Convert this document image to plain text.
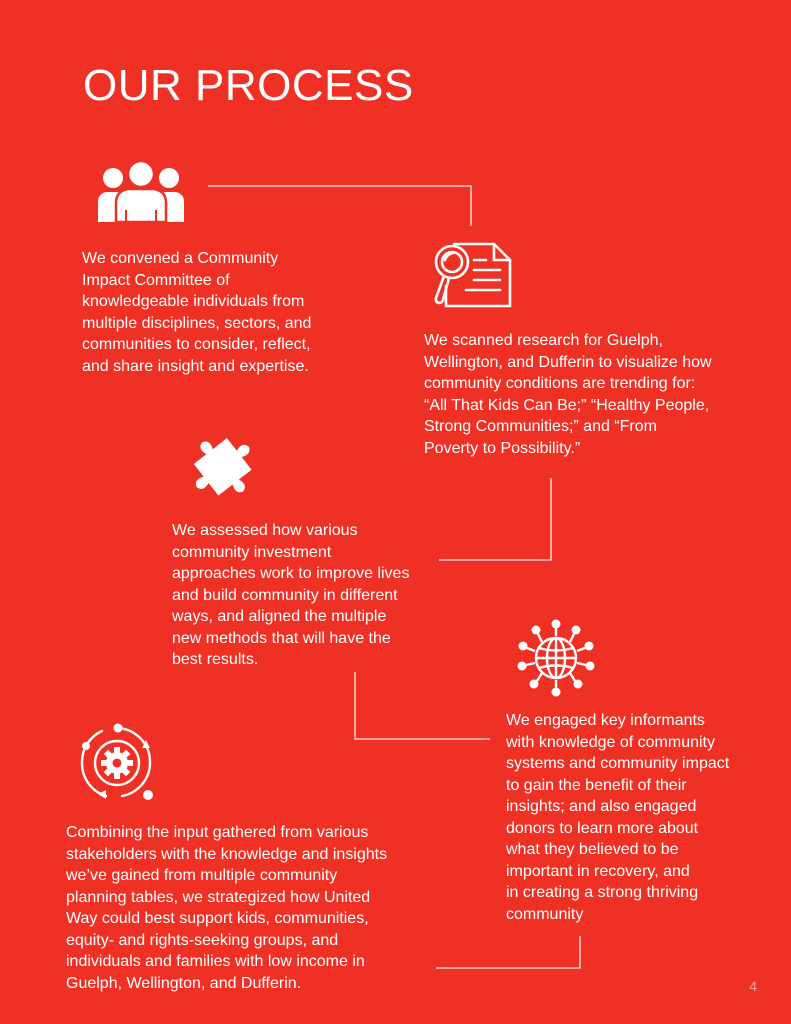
OUR PROCESS

We convened a Community
Impact Committee of
knowledgeable individuals from
multiple disciplines, sectors, and
communities to consider, reflect,
and share insight and expertise.

We scanned research for Guelph,
Wellington, and Dufferin to visualize how
community conditions are trending for:
“All That Kids Can Be;” “Healthy People,
Strong Communities;” and “From
Poverty to Possibility.”

We assessed how various
community investment
approaches work to improve lives
and build community in different
ways, and aligned the multiple
new methods that will have the
best results.

We engaged key informants
with knowledge of community
systems and community impact
to gain the benefit of their
insights; and also engaged
donors to learn more about
what they believed to be
important in recovery, and
in creating a strong thriving
community

Combining the input gathered from various
stakeholders with the knowledge and insights
we’ve gained from multiple community
planning tables, we strategized how United
Way could best support kids, communities,
equity- and rights-seeking groups, and
individuals and families with low income in
Guelph, Wellington, and Dufferin.	4
